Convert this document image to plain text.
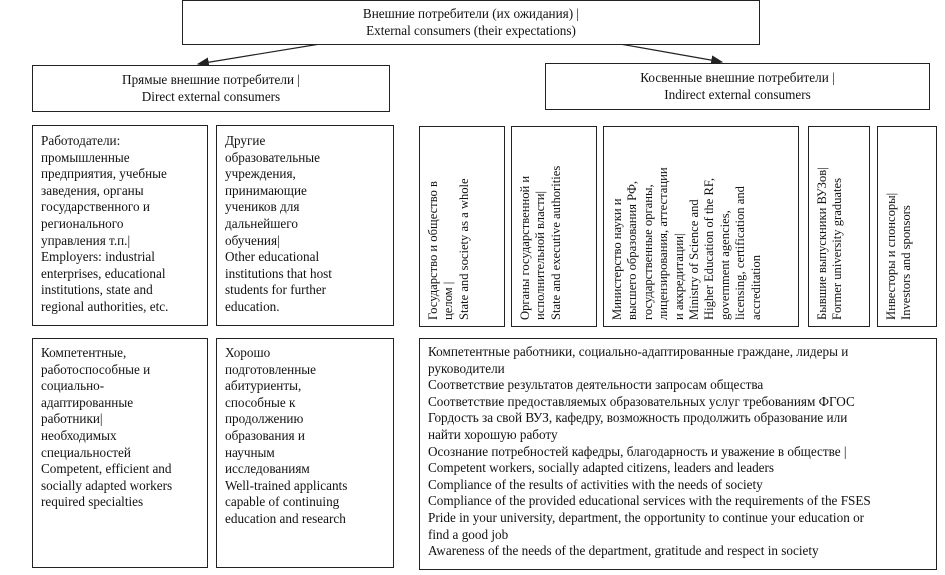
Внешние потребители (их ожидания) |
External consumers (their expectations)
Прямые внешние потребители |
Direct external consumers
Косвенные внешние потребители |
Indirect external consumers
Работодатели:
промышленные
предприятия, учебные
заведения, органы
государственного и
регионального
управления т.п.|
Employers: industrial
enterprises, educational
institutions, state and
regional authorities, etc.
Другие
образовательные
учреждения,
принимающие
учеников для
дальнейшего
обучения|
Other educational
institutions that host
students for further
education.
Компетентные,
работоспособные и
социально-
адаптированные
работники|
необходимых
специальностей
Competent, efficient and
socially adapted workers
required specialties
Хорошо
подготовленные
абитуриенты,
способные к
продолжению
образования и
научным
исследованиям
Well-trained applicants
capable of continuing
education and research
Государство и общество в целом | State and society as a whole	Органы государственной и исполнительной власти| State and executive authorities	Министерство науки и высшего образования РФ, государственные органы, лицензирования, аттестации и аккредитации| Ministry of Science and Higher Education of the RF, government agencies, licensing, certification and accreditation	Бывшие выпускники ВУЗов| Former university graduates	Инвесторы и спонсоры| Investors and sponsors
Компетентные работники, социально-адаптированные граждане, лидеры и
руководители
Соответствие результатов деятельности запросам общества
Соответствие предоставляемых образовательных услуг требованиям ФГОС
Гордость за свой ВУЗ, кафедру, возможность продолжить образование или
найти хорошую работу
Осознание потребностей кафедры, благодарность и уважение в обществе |
Competent workers, socially adapted citizens, leaders and leaders
Compliance of the results of activities with the needs of society
Compliance of the provided educational services with the requirements of the FSES
Pride in your university, department, the opportunity to continue your education or
find a good job
Awareness of the needs of the department, gratitude and respect in society
